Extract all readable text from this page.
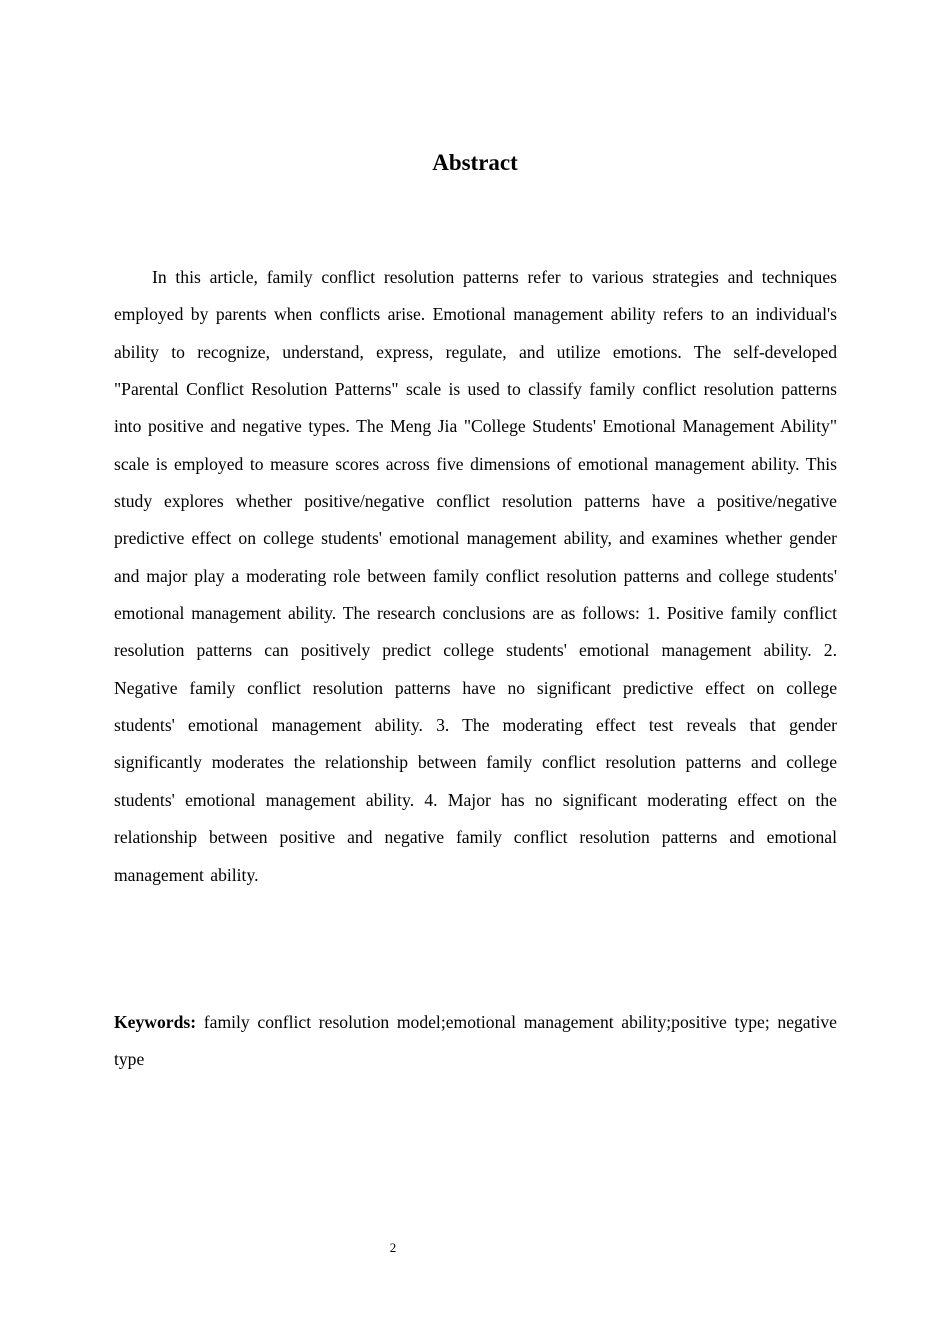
Abstract

In this article, family conflict resolution patterns refer to various strategies and techniques employed by parents when conflicts arise. Emotional management ability refers to an individual's ability to recognize, understand, express, regulate, and utilize emotions. The self-developed "Parental Conflict Resolution Patterns" scale is used to classify family conflict resolution patterns into positive and negative types. The Meng Jia "College Students' Emotional Management Ability" scale is employed to measure scores across five dimensions of emotional management ability. This study explores whether positive/negative conflict resolution patterns have a positive/negative predictive effect on college students' emotional management ability, and examines whether gender and major play a moderating role between family conflict resolution patterns and college students' emotional management ability. The research conclusions are as follows: 1. Positive family conflict resolution patterns can positively predict college students' emotional management ability. 2. Negative family conflict resolution patterns have no significant predictive effect on college students' emotional management ability. 3. The moderating effect test reveals that gender significantly moderates the relationship between family conflict resolution patterns and college students' emotional management ability. 4. Major has no significant moderating effect on the relationship between positive and negative family conflict resolution patterns and emotional management ability.

Keywords: family conflict resolution model;emotional management ability;positive type; negative type

2
